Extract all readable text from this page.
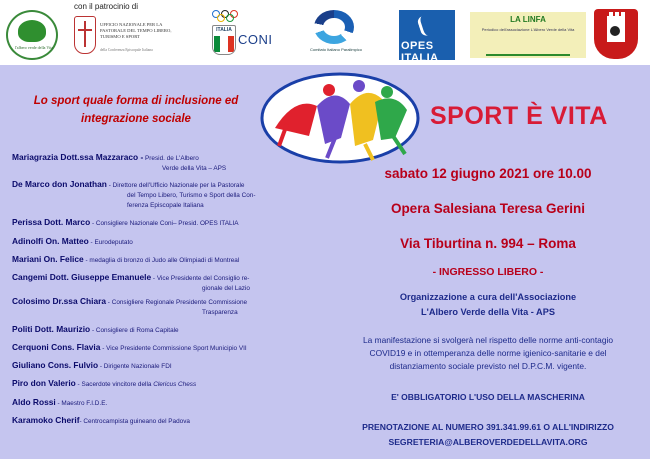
con il patrocinio di
l'albero verde della Vita
UFFICIO NAZIONALE PER LA PASTORALE DEL TEMPO LIBERO, TURISMO E SPORT
della Conferenza Episcopale Italiana
ITALIA
CONI
Comitato Italiano Paralimpico	OPES ITALIA
LA LINFA
Periodico dell'associazione L'Albero Verde della Vita
Lo sport quale forma di inclusione ed
integrazione sociale	SPORT È VITA
Mariagrazia Dott.ssa Mazzaraco - Presid. de L'Albero
Verde della Vita – APS
De Marco don Jonathan - Direttore dell'Ufficio Nazionale per la Pastorale
del Tempo Libero, Turismo e Sport della Con-
ferenza Episcopale Italiana
Perissa Dott. Marco - Consigliere Nazionale Coni– Presid. OPES ITALIA
Adinolfi On. Matteo - Eurodeputato
Mariani On. Felice - medaglia di bronzo di Judo alle Olimpiadi di Montreal
Cangemi Dott. Giuseppe Emanuele - Vice Presidente del Consiglio re-
gionale del Lazio
Colosimo Dr.ssa Chiara - Consigliere Regionale Presidente Commissione
Trasparenza
Politi Dott. Maurizio - Consigliere di Roma Capitale
Cerquoni Cons. Flavia - Vice Presidente Commissione Sport Municipio VII
Giuliano Cons. Fulvio - Dirigente Nazionale FDI
Piro don Valerio - Sacerdote vincitore della Clericus Chess
Aldo Rossi - Maestro F.I.D.E.
Karamoko Cherif- Centrocampista guineano del Padova
sabato 12 giugno 2021 ore 10.00
Opera Salesiana Teresa Gerini
Via Tiburtina n. 994 – Roma
- INGRESSO LIBERO -
Organizzazione a cura dell'Associazione
L'Albero Verde della Vita - APS
La manifestazione si svolgerà nel rispetto delle norme anti-contagio
COVID19 e in ottemperanza delle norme igienico-sanitarie e del
distanziamento sociale previsto nel D.P.C.M. vigente.
E' OBBLIGATORIO L'USO DELLA MASCHERINA
PRENOTAZIONE AL NUMERO 391.341.99.61 O ALL'INDIRIZZO
SEGRETERIA@ALBEROVERDEDELLAVITA.ORG
